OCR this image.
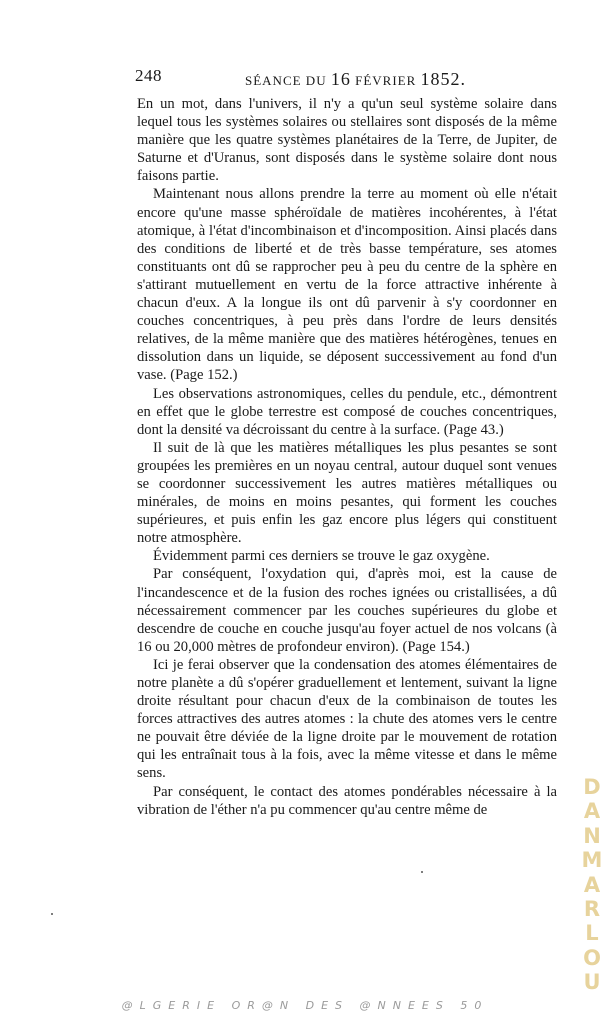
248	SÉANCE DU 16 FÉVRIER 1852.

En un mot, dans l'univers, il n'y a qu'un seul système solaire dans lequel tous les systèmes solaires ou stellaires sont disposés de la même manière que les quatre systèmes planétaires de la Terre, de Jupiter, de Saturne et d'Uranus, sont disposés dans le système solaire dont nous faisons partie.

Maintenant nous allons prendre la terre au moment où elle n'était encore qu'une masse sphéroïdale de matières incohérentes, à l'état atomique, à l'état d'incombinaison et d'incomposition. Ainsi placés dans des conditions de liberté et de très basse température, ses atomes constituants ont dû se rapprocher peu à peu du centre de la sphère en s'attirant mutuellement en vertu de la force attractive inhérente à chacun d'eux. A la longue ils ont dû parvenir à s'y coordonner en couches concentriques, à peu près dans l'ordre de leurs densités relatives, de la même manière que des matières hétérogènes, tenues en dissolution dans un liquide, se déposent successivement au fond d'un vase. (Page 152.)

Les observations astronomiques, celles du pendule, etc., démontrent en effet que le globe terrestre est composé de couches concentriques, dont la densité va décroissant du centre à la surface. (Page 43.)

Il suit de là que les matières métalliques les plus pesantes se sont groupées les premières en un noyau central, autour duquel sont venues se coordonner successivement les autres matières métalliques ou minérales, de moins en moins pesantes, qui forment les couches supérieures, et puis enfin les gaz encore plus légers qui constituent notre atmosphère.

Évidemment parmi ces derniers se trouve le gaz oxygène.

Par conséquent, l'oxydation qui, d'après moi, est la cause de l'incandescence et de la fusion des roches ignées ou cristallisées, a dû nécessairement commencer par les couches supérieures du globe et descendre de couche en couche jusqu'au foyer actuel de nos volcans (à 16 ou 20,000 mètres de profondeur environ). (Page 154.)

Ici je ferai observer que la condensation des atomes élémentaires de notre planète a dû s'opérer graduellement et lentement, suivant la ligne droite résultant pour chacun d'eux de la combinaison de toutes les forces attractives des autres atomes : la chute des atomes vers le centre ne pouvait être déviée de la ligne droite par le mouvement de rotation qui les entraînait tous à la fois, avec la même vitesse et dans le même sens.

Par conséquent, le contact des atomes pondérables nécessaire à la vibration de l'éther n'a pu commencer qu'au centre même de

D
A
N
M
A
R
L
O
U
@LGERIE OR@N DES @NNEES 50
